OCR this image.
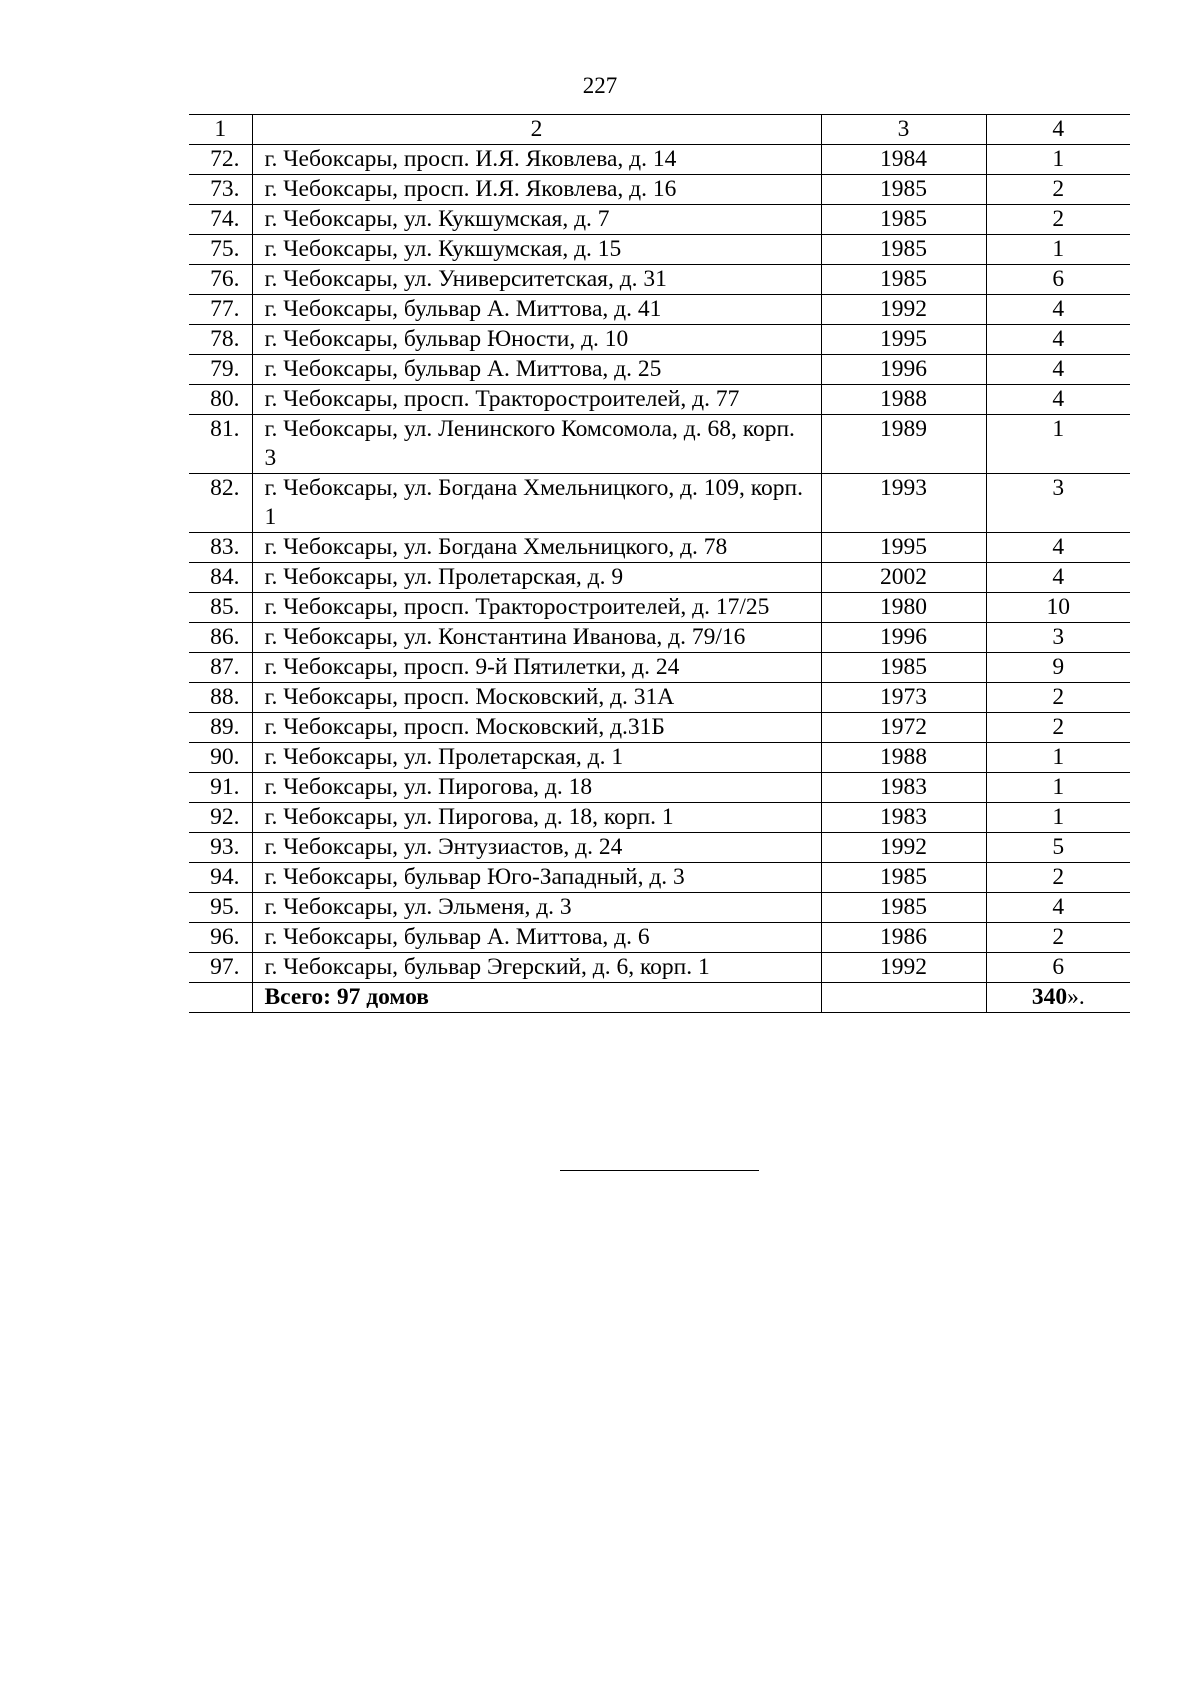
227
1	2	3	4
72.	г. Чебоксары, просп. И.Я. Яковлева, д. 14	1984	1
73.	г. Чебоксары, просп. И.Я. Яковлева, д. 16	1985	2
74.	г. Чебоксары, ул. Кукшумская, д. 7	1985	2
75.	г. Чебоксары, ул. Кукшумская, д. 15	1985	1
76.	г. Чебоксары, ул. Университетская, д. 31	1985	6
77.	г. Чебоксары, бульвар А. Миттова, д. 41	1992	4
78.	г. Чебоксары, бульвар Юности, д. 10	1995	4
79.	г. Чебоксары, бульвар А. Миттова, д. 25	1996	4
80.	г. Чебоксары, просп. Тракторостроителей, д. 77	1988	4
81.	г. Чебоксары, ул. Ленинского Комсомола, д. 68, корп. 3	1989	1
82.	г. Чебоксары, ул. Богдана Хмельницкого, д. 109, корп. 1	1993	3
83.	г. Чебоксары, ул. Богдана Хмельницкого, д. 78	1995	4
84.	г. Чебоксары, ул. Пролетарская, д. 9	2002	4
85.	г. Чебоксары, просп. Тракторостроителей, д. 17/25	1980	10
86.	г. Чебоксары, ул. Константина Иванова, д. 79/16	1996	3
87.	г. Чебоксары, просп. 9-й Пятилетки, д. 24	1985	9
88.	г. Чебоксары, просп. Московский, д. 31А	1973	2
89.	г. Чебоксары, просп. Московский, д.31Б	1972	2
90.	г. Чебоксары, ул. Пролетарская, д. 1	1988	1
91.	г. Чебоксары, ул. Пирогова, д. 18	1983	1
92.	г. Чебоксары, ул. Пирогова, д. 18, корп. 1	1983	1
93.	г. Чебоксары, ул. Энтузиастов, д. 24	1992	5
94.	г. Чебоксары, бульвар Юго-Западный, д. 3	1985	2
95.	г. Чебоксары, ул. Эльменя, д. 3	1985	4
96.	г. Чебоксары, бульвар А. Миттова, д. 6	1986	2
97.	г. Чебоксары, бульвар Эгерский, д. 6, корп. 1	1992	6
	Всего: 97 домов		340».
